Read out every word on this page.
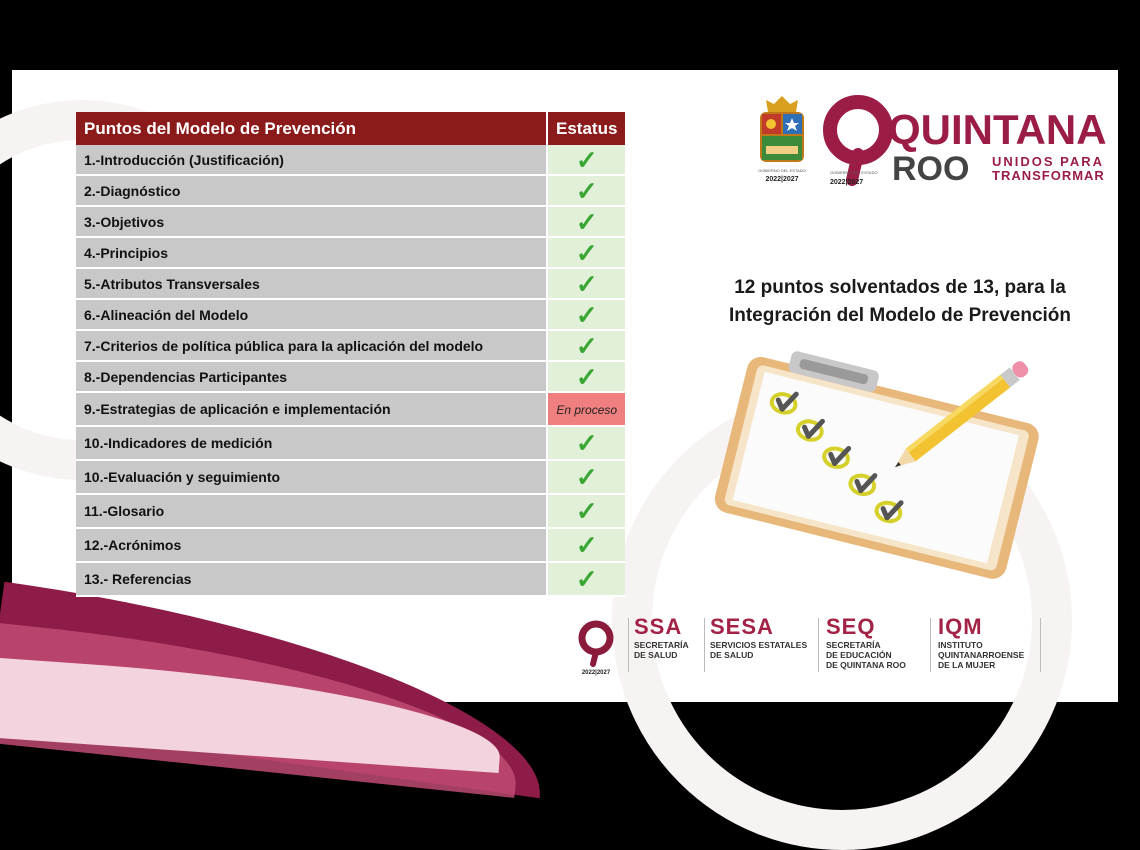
Puntos del Modelo de Prevención	Estatus
1.-Introducción (Justificación)	✓
2.-Diagnóstico	✓
3.-Objetivos	✓
4.-Principios	✓
5.-Atributos Transversales	✓
6.-Alineación del Modelo	✓
7.-Criterios de política pública para la aplicación del modelo	✓
8.-Dependencias Participantes	✓
9.-Estrategias de aplicación e implementación	En proceso
10.-Indicadores de medición	✓
10.-Evaluación y seguimiento	✓
11.-Glosario	✓
12.-Acrónimos	✓
13.- Referencias	✓
GOBIERNO DEL ESTADO
2022|2027
QUINTANA
ROO UNIDOS PARA
TRANSFORMAR
GOBIERNO DEL ESTADO
2022|2027
12 puntos solventados de 13, para la
Integración del Modelo de Prevención
2022|2027
SSA
SECRETARÍA
DE SALUD
SESA
SERVICIOS ESTATALES
DE SALUD
SEQ
SECRETARÍA
DE EDUCACIÓN
DE QUINTANA ROO
IQM
INSTITUTO
QUINTANARROENSE
DE LA MUJER
